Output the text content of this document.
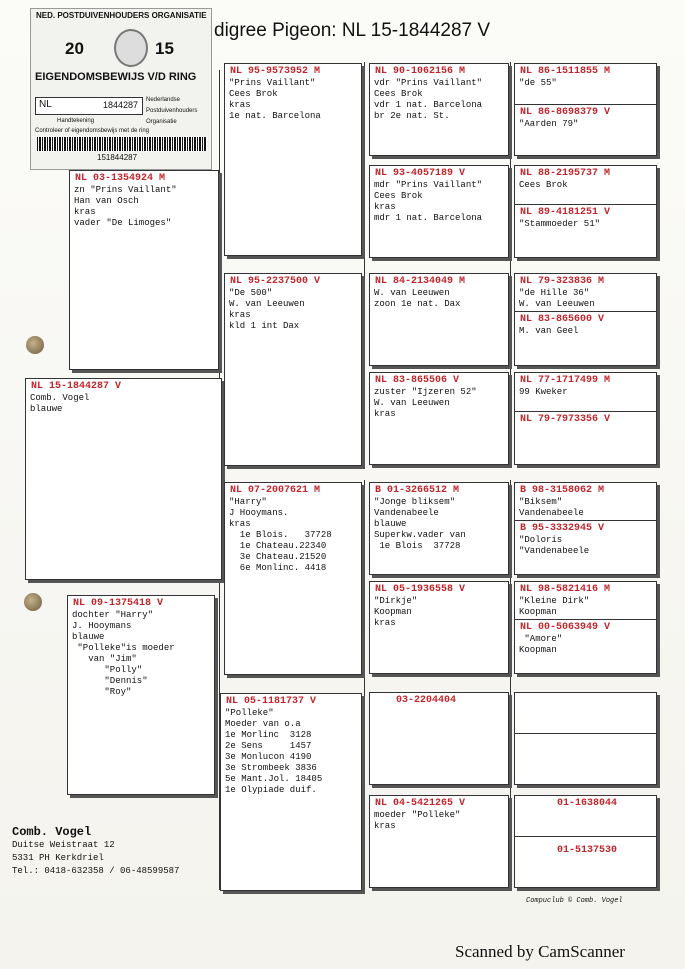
NED. POSTDUIVENHOUDERS ORGANISATIE
20	15
EIGENDOMSBEWIJS V/D RING
NL	1844287 Nederlandse
Postduivenhouders
Organisatie
Handtekening
Controleer of eigendomsbewijs met de ring
151844287
digree Pigeon: NL 15-1844287 V
NL 15-1844287 V
Comb. Vogel
blauwe
NL 03-1354924 M
zn "Prins Vaillant"
Han van Osch
kras
vader "De Limoges"
NL 09-1375418 V
dochter "Harry"
J. Hooymans
blauwe
"Polleke"is moeder
van "Jim"
"Polly"
"Dennis"
"Roy"
NL 95-9573952 M
"Prins Vaillant"
Cees Brok
kras
1e nat. Barcelona
NL 95-2237500 V
"De 500"
W. van Leeuwen
kras
kld 1 int Dax
NL 07-2007621 M
"Harry"
J Hooymans.
kras
1e Blois.   37728
1e Chateau.22340
3e Chateau.21520
6e Monlinc. 4418
NL 05-1181737 V
"Polleke"
Moeder van o.a
1e Morlinc  3128
2e Sens     1457
3e Monlucon 4190
3e Strombeek 3836
5e Mant.Jol. 18405
1e Olypiade duif.
NL 90-1062156 M
vdr "Prins Vaillant"
Cees Brok
vdr 1 nat. Barcelona
br 2e nat. St.
NL 93-4057189 V
mdr "Prins Vaillant"
Cees Brok
kras
mdr 1 nat. Barcelona
NL 84-2134049 M
W. van Leeuwen
zoon 1e nat. Dax
NL 83-865506 V
zuster "Ijzeren 52"
W. van Leeuwen
kras
B 01-3266512 M
"Jonge bliksem"
Vandenabeele
blauwe
Superkw.vader van
1e Blois  37728
NL 05-1936558 V
"Dirkje"
Koopman
kras
03-2204404
NL 04-5421265 V
moeder "Polleke"
kras
NL 86-1511855 M
"de 55"
NL 86-8698379 V
"Aarden 79"
NL 88-2195737 M
Cees Brok
NL 89-4181251 V
"Stammoeder 51"
NL 79-323836 M
"de Hille 36"
W. van Leeuwen
NL 83-865600 V
M. van Geel
NL 77-1717499 M
99 Kweker
NL 79-7973356 V
B 98-3158062 M
"Biksem"
Vandenabeele
B 95-3332945 V
"Doloris
"Vandenabeele
NL 98-5821416 M
"Kleine Dirk"
Koopman
NL 00-5063949 V
"Amore"
Koopman
01-1638044
01-5137530
Comb. Vogel
Duitse Weistraat 12
5331 PH Kerkdriel
Tel.: 0418-632358 / 06-48599587
Compuclub © Comb. Vogel
Scanned by CamScanner
